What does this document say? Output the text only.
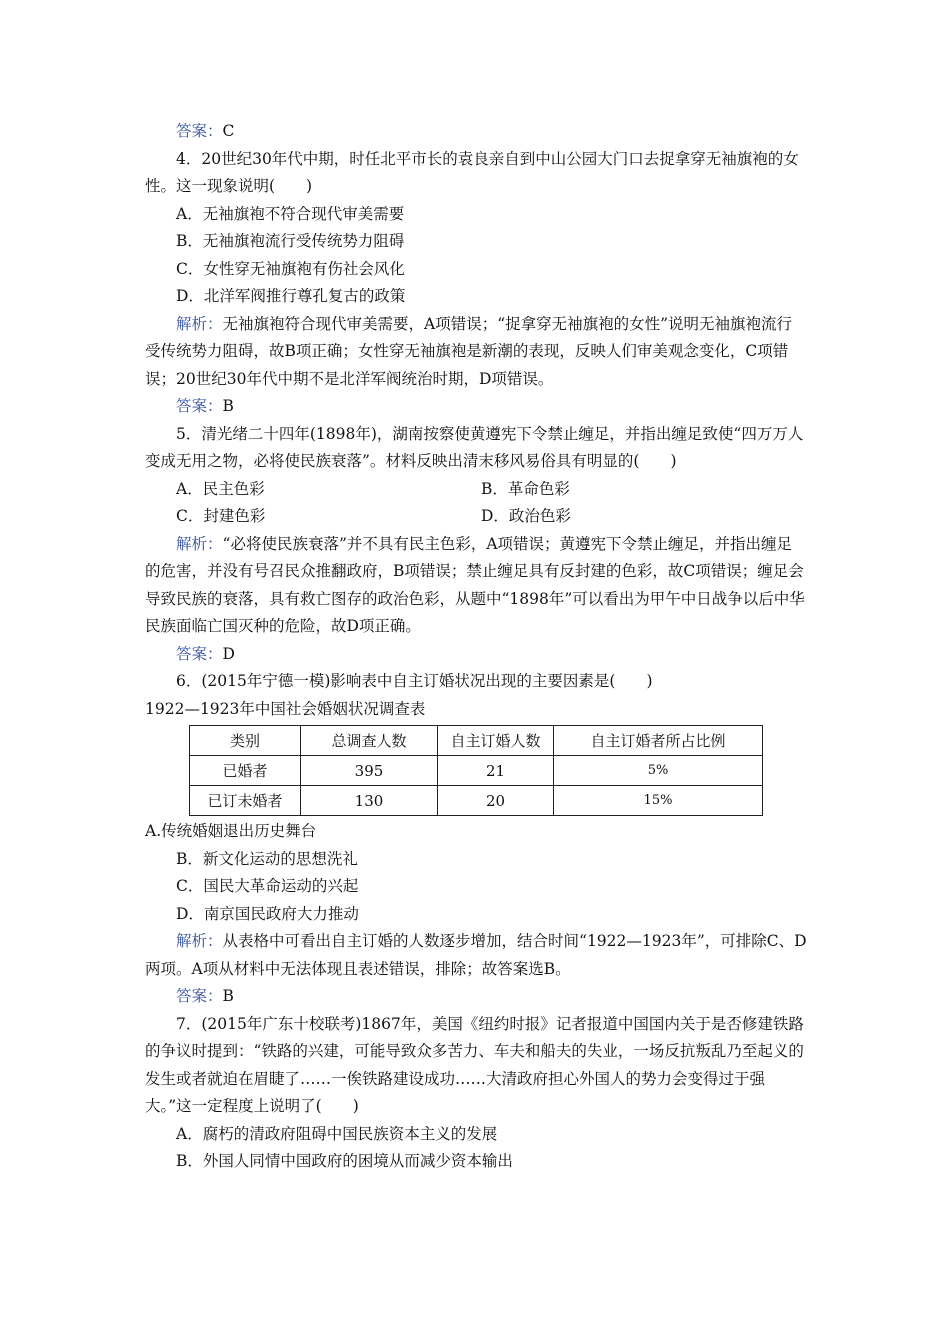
答案：C

4．20世纪30年代中期，时任北平市长的袁良亲自到中山公园大门口去捉拿穿无袖旗袍的女性。这一现象说明(　　)

A．无袖旗袍不符合现代审美需要

B．无袖旗袍流行受传统势力阻碍

C．女性穿无袖旗袍有伤社会风化

D．北洋军阀推行尊孔复古的政策

解析：无袖旗袍符合现代审美需要，A项错误；“捉拿穿无袖旗袍的女性”说明无袖旗袍流行受传统势力阻碍，故B项正确；女性穿无袖旗袍是新潮的表现，反映人们审美观念变化，C项错误；20世纪30年代中期不是北洋军阀统治时期，D项错误。

答案：B

5．清光绪二十四年(1898年)，湖南按察使黄遵宪下令禁止缠足，并指出缠足致使“四万万人变成无用之物，必将使民族衰落”。材料反映出清末移风易俗具有明显的(　　)

A．民主色彩	B．革命色彩
C．封建色彩	D．政治色彩

解析：“必将使民族衰落”并不具有民主色彩，A项错误；黄遵宪下令禁止缠足，并指出缠足的危害，并没有号召民众推翻政府，B项错误；禁止缠足具有反封建的色彩，故C项错误；缠足会导致民族的衰落，具有救亡图存的政治色彩，从题中“1898年”可以看出为甲午中日战争以后中华民族面临亡国灭种的危险，故D项正确。

答案：D

6．(2015年宁德一模)影响表中自主订婚状况出现的主要因素是(　　)

1922—1923年中国社会婚姻状况调查表

类别	总调查人数	自主订婚人数	自主订婚者所占比例
已婚者	395	21	5%
已订未婚者	130	20	15%

A.传统婚姻退出历史舞台

B．新文化运动的思想洗礼

C．国民大革命运动的兴起

D．南京国民政府大力推动

解析：从表格中可看出自主订婚的人数逐步增加，结合时间“1922—1923年”，可排除C、D两项。A项从材料中无法体现且表述错误，排除；故答案选B。

答案：B

7．(2015年广东十校联考)1867年，美国《纽约时报》记者报道中国国内关于是否修建铁路的争议时提到：“铁路的兴建，可能导致众多苦力、车夫和船夫的失业，一场反抗叛乱乃至起义的发生或者就迫在眉睫了……一俟铁路建设成功……大清政府担心外国人的势力会变得过于强大。”这一定程度上说明了(　　)

A．腐朽的清政府阻碍中国民族资本主义的发展

B．外国人同情中国政府的困境从而减少资本输出
